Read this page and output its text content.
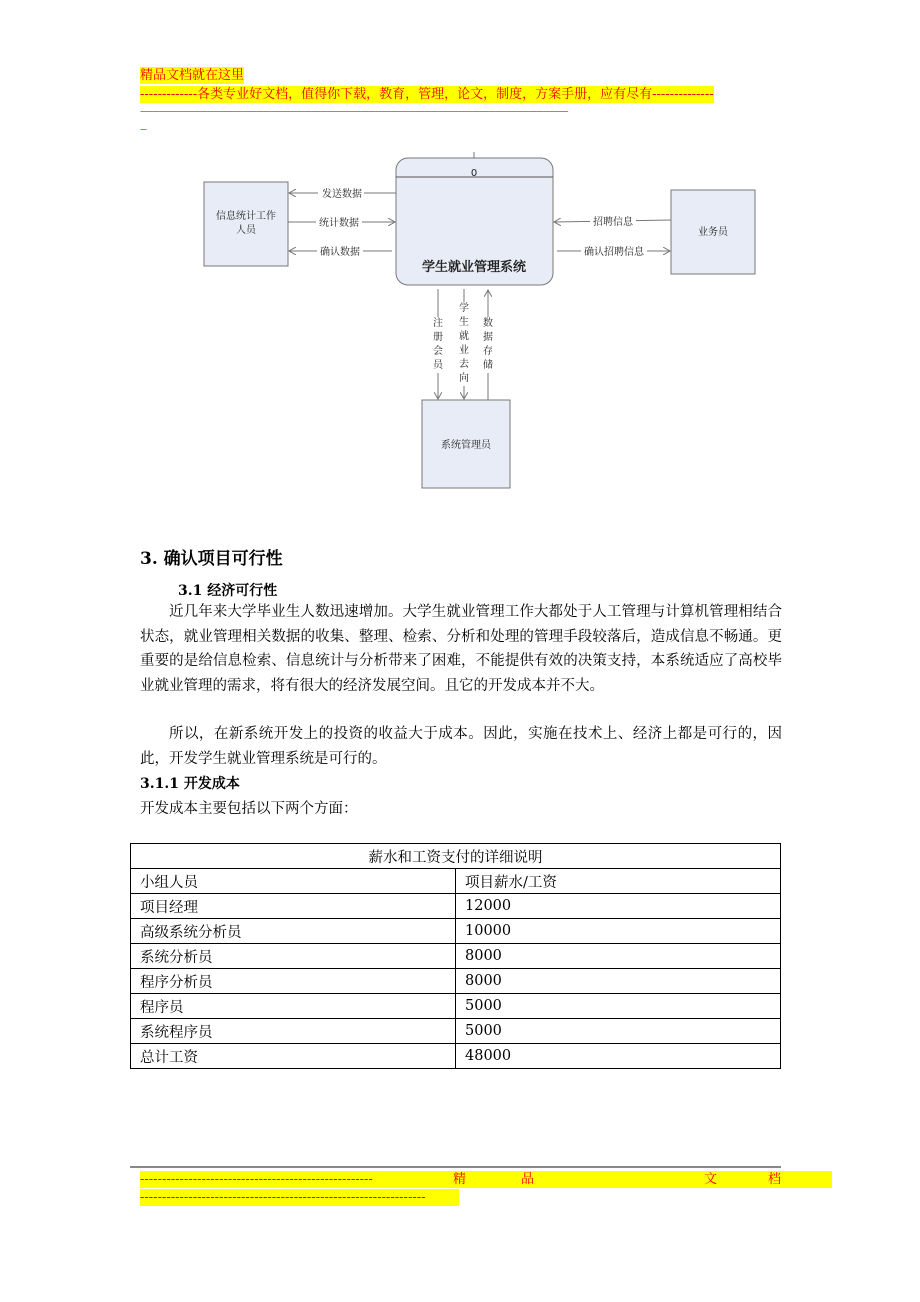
精品文档就在这里
-------------各类专业好文档，值得你下载，教育，管理，论文，制度，方案手册，应有尽有--------------
--------------------------------------------------------------------------------------------------------------------------------------------
--
0
学生就业管理系统
业务员
系统管理员
发送数据
统计数据
确认数据
招聘信息
确认招聘信息
信息统计工作人员
注册会员
学生就业去向
数据存储
3. 确认项目可行性
3.1 经济可行性
近几年来大学毕业生人数迅速增加。大学生就业管理工作大都处于人工管理与计算机管理相结合状态，就业管理相关数据的收集、整理、检索、分析和处理的管理手段较落后，造成信息不畅通。更重要的是给信息检索、信息统计与分析带来了困难，不能提供有效的决策支持，本系统适应了高校毕业就业管理的需求，将有很大的经济发展空间。且它的开发成本并不大。
所以，在新系统开发上的投资的收益大于成本。因此，实施在技术上、经济上都是可行的，因此，开发学生就业管理系统是可行的。
3.1.1 开发成本
开发成本主要包括以下两个方面：
薪水和工资支付的详细说明	
小组人员	项目薪水/工资
项目经理	12000
高级系统分析员	10000
系统分析员	8000
程序分析员	8000
程序员	5000
系统程序员	5000
总计工资	48000
-----------------------------------------------------	精	品	文	档
-----------------------------------------------------------------
